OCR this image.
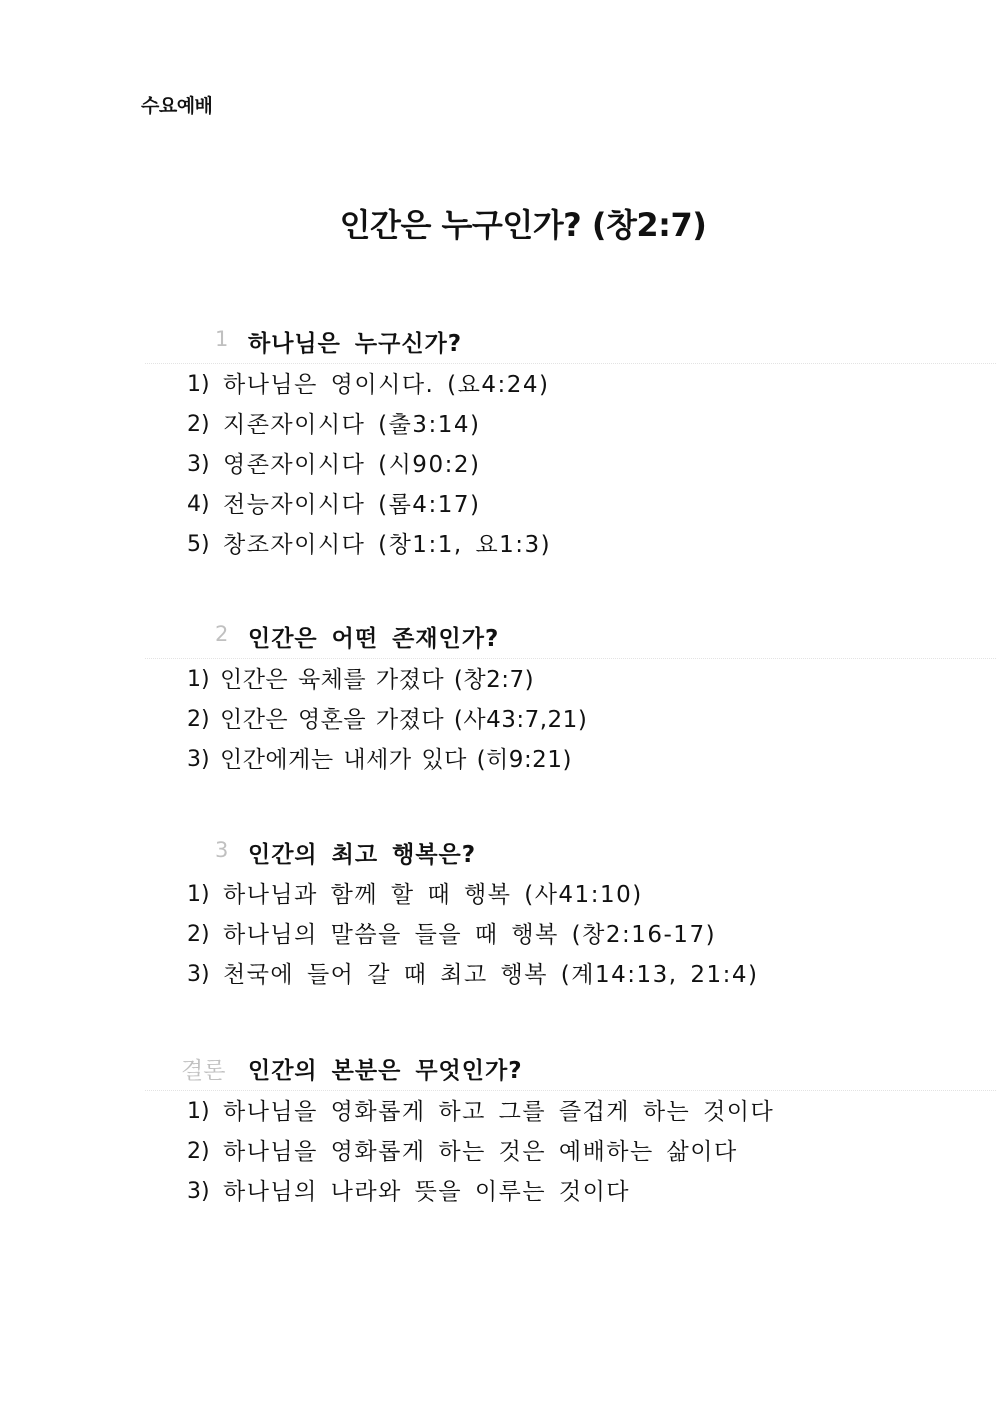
수요예배
인간은 누구인가? (창2:7)
1 하나님은 누구신가?
1) 하나님은 영이시다. (요4:24)
2) 지존자이시다 (출3:14)
3) 영존자이시다 (시90:2)
4) 전능자이시다 (롬4:17)
5) 창조자이시다 (창1:1, 요1:3)
2 인간은 어떤 존재인가?
1) 인간은 육체를 가졌다 (창2:7)
2) 인간은 영혼을 가졌다 (사43:7,21)
3) 인간에게는 내세가 있다 (히9:21)
3 인간의 최고 행복은?
1) 하나님과 함께 할 때 행복 (사41:10)
2) 하나님의 말씀을 들을 때 행복 (창2:16-17)
3) 천국에 들어 갈 때 최고 행복 (계14:13, 21:4)
결론 인간의 본분은 무엇인가?
1) 하나님을 영화롭게 하고 그를 즐겁게 하는 것이다
2) 하나님을 영화롭게 하는 것은 예배하는 삶이다
3) 하나님의 나라와 뜻을 이루는 것이다
